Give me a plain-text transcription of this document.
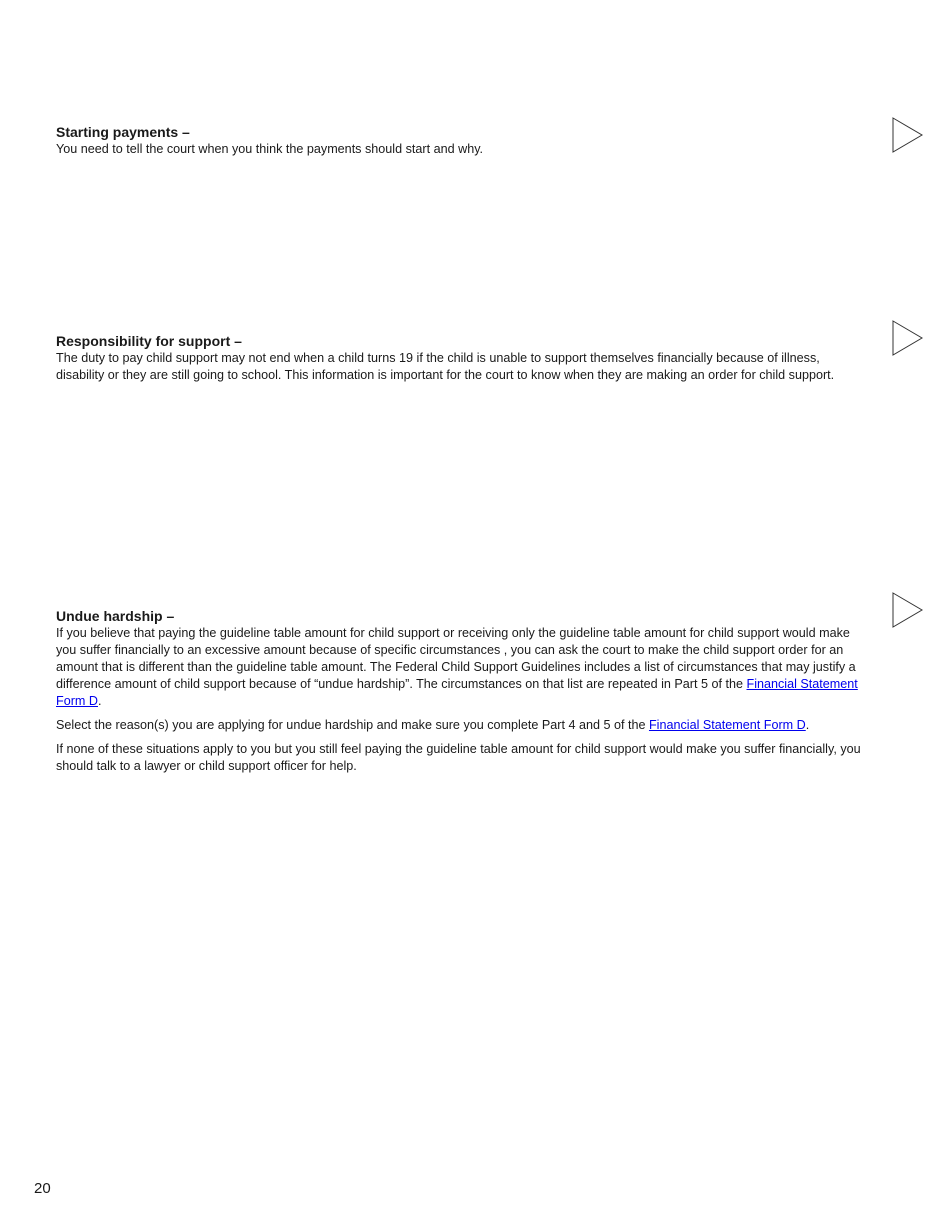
Starting payments –

You need to tell the court when you think the payments should start and why.

Responsibility for support –

The duty to pay child support may not end when a child turns 19 if the child is unable to support themselves financially because of illness, disability or they are still going to school. This information is important for the court to know when they are making an order for child support.

Undue hardship –

If you believe that paying the guideline table amount for child support or receiving only the guideline table amount for child support would make you suffer financially to an excessive amount because of specific circumstances , you can ask the court to make the child support order for an amount that is different than the guideline table amount. The Federal Child Support Guidelines includes a list of circumstances that may justify a difference amount of child support because of “undue hardship”. The circumstances on that list are repeated in Part 5 of the Financial Statement Form D.

Select the reason(s) you are applying for undue hardship and make sure you complete Part 4 and 5 of the Financial Statement Form D.

If none of these situations apply to you but you still feel paying the guideline table amount for child support would make you suffer financially, you should talk to a lawyer or child support officer for help.

20
